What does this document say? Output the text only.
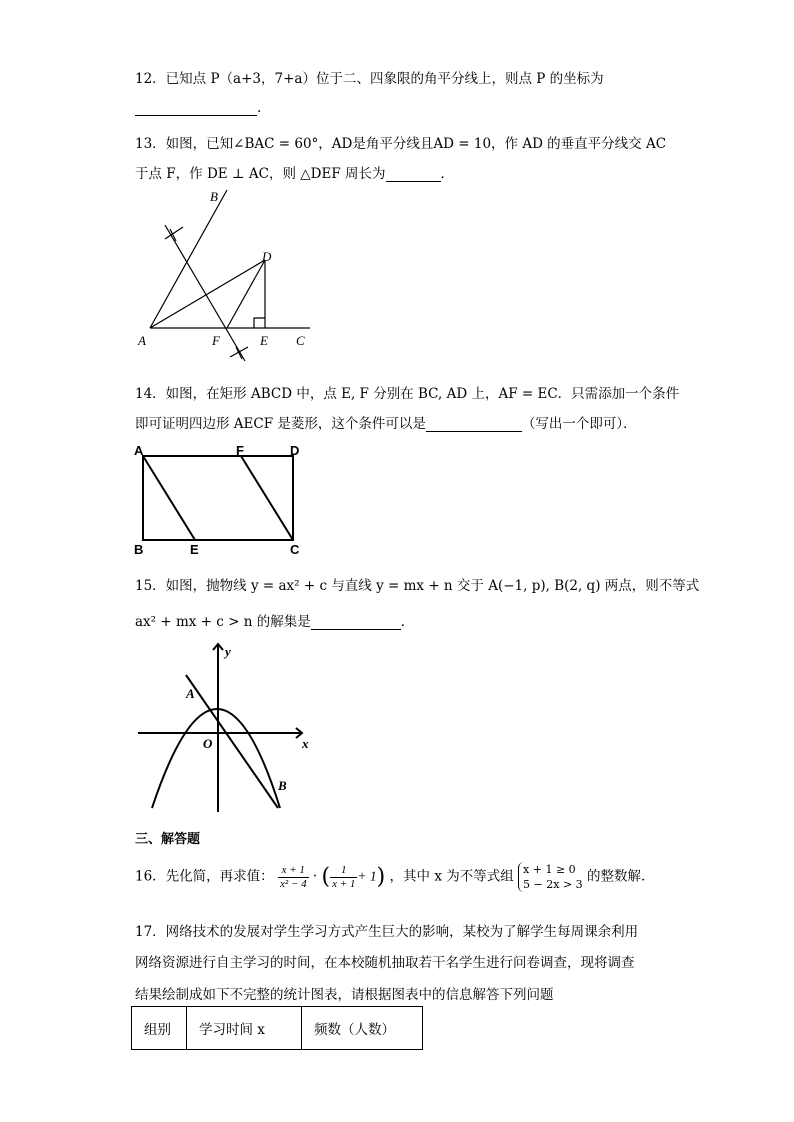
12．已知点 P（a+3，7+a）位于二、四象限的角平分线上，则点 P 的坐标为
.
13．如图，已知∠BAC = 60°，AD是角平分线且AD = 10，作 AD 的垂直平分线交 AC
于点 F，作 DE ⊥ AC，则 △DEF 周长为	．
B
D
A	F	E C
14．如图，在矩形 ABCD 中，点 E, F 分别在 BC, AD 上，AF = EC．只需添加一个条件
即可证明四边形 AECF 是菱形，这个条件可以是	（写出一个即可）．
A	F	D
B	E	C
15．如图，抛物线 y = ax² + c 与直线 y = mx + n 交于 A(−1, p), B(2, q) 两点，则不等式
ax² + mx + c > n 的解集是	．
y
x
O
A
B
三、解答题
16．先化简，再求值： $\frac{x + 1}{\text{x² − 4}}$ · ( $\frac{1}{x + 1} + 1$) ，其中 x 为不等式组 x + 1 ≥ 0
5 − 2x > 3 的整数解.
17．网络技术的发展对学生学习方式产生巨大的影响，某校为了解学生每周课余利用
网络资源进行自主学习的时间，在本校随机抽取若干名学生进行问卷调查，现将调查
结果绘制成如下不完整的统计图表，请根据图表中的信息解答下列问题
组别	学习时间 x	频数（人数）
